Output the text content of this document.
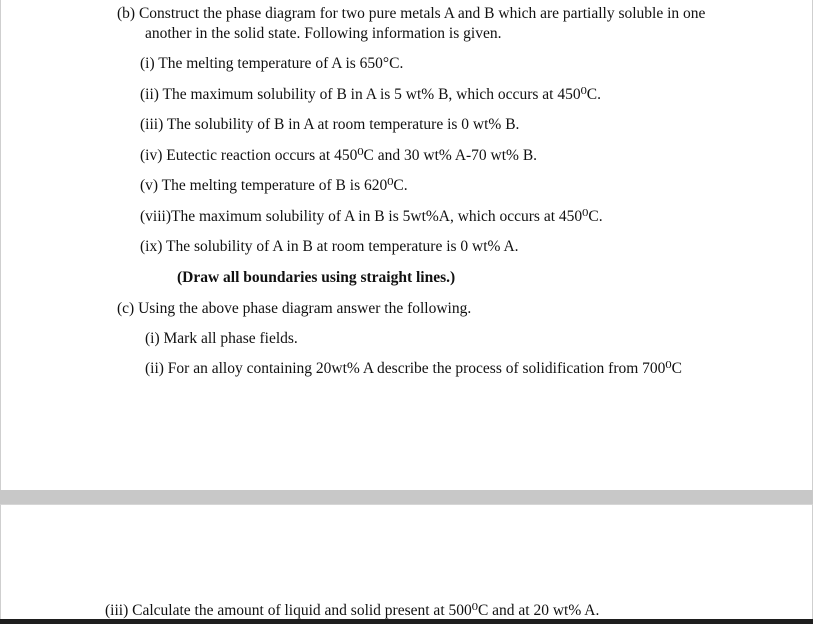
(b) Construct the phase diagram for two pure metals A and B which are partially soluble in one
another in the solid state. Following information is given.
(i) The melting temperature of A is 650°C.
(ii) The maximum solubility of B in A is 5 wt% B, which occurs at 450⁰C.
(iii) The solubility of B in A at room temperature is 0 wt% B.
(iv) Eutectic reaction occurs at 450⁰C and 30 wt% A-70 wt% B.
(v) The melting temperature of B is 620⁰C.
(viii)The maximum solubility of A in B is 5wt%A, which occurs at 450⁰C.
(ix) The solubility of A in B at room temperature is 0 wt% A.
(Draw all boundaries using straight lines.)
(c) Using the above phase diagram answer the following.
(i) Mark all phase fields.
(ii) For an alloy containing 20wt% A describe the process of solidification from 700⁰C
(iii) Calculate the amount of liquid and solid present at 500⁰C and at 20 wt% A.
